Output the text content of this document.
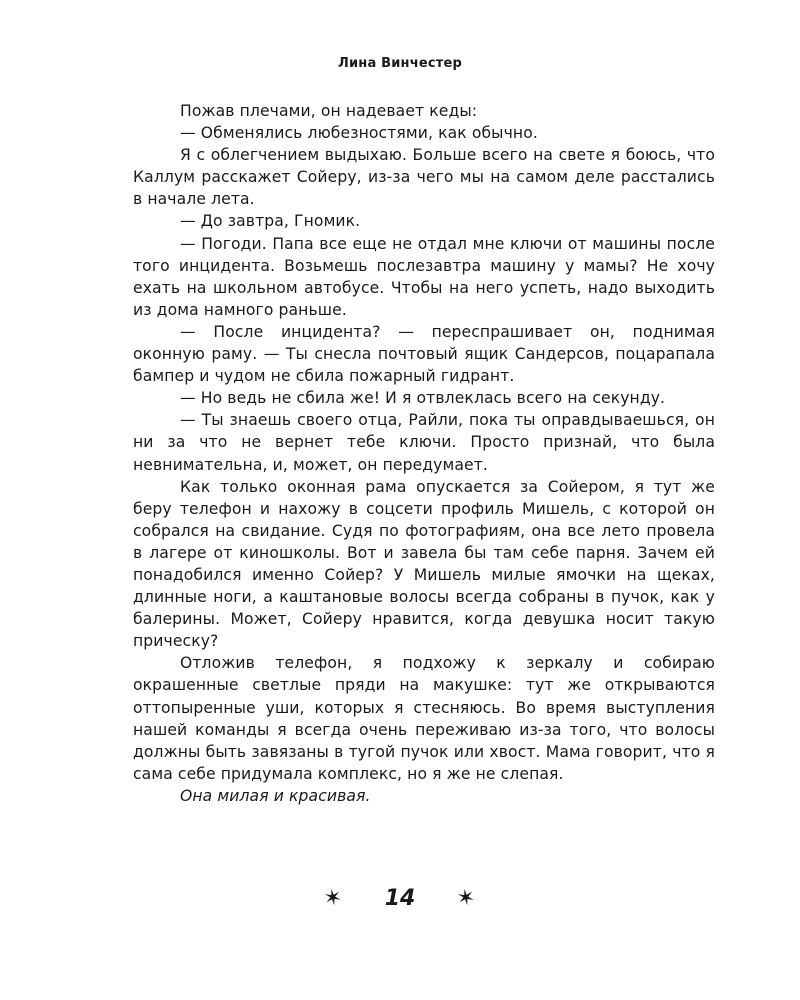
Лина Винчестер

Пожав плечами, он надевает кеды:

— Обменялись любезностями, как обычно.

Я с облегчением выдыхаю. Больше всего на свете я боюсь, что Каллум расскажет Сойеру, из-за чего мы на самом деле расстались в начале лета.

— До завтра, Гномик.

— Погоди. Папа все еще не отдал мне ключи от машины после того инцидента. Возьмешь послезавтра машину у мамы? Не хочу ехать на школьном автобусе. Чтобы на него успеть, надо выходить из дома намного раньше.

— После инцидента? — переспрашивает он, поднимая оконную раму. — Ты снесла почтовый ящик Сандерсов, поцарапала бампер и чудом не сбила пожарный гидрант.

— Но ведь не сбила же! И я отвлеклась всего на секунду.

— Ты знаешь своего отца, Райли, пока ты оправдываешься, он ни за что не вернет тебе ключи. Просто признай, что была невнимательна, и, может, он передумает.

Как только оконная рама опускается за Сойером, я тут же беру телефон и нахожу в соцсети профиль Мишель, с которой он собрался на свидание. Судя по фотографиям, она все лето провела в лагере от киношколы. Вот и завела бы там себе парня. Зачем ей понадобился именно Сойер? У Мишель милые ямочки на щеках, длинные ноги, а каштановые волосы всегда собраны в пучок, как у балерины. Может, Сойеру нравится, когда девушка носит такую прическу?

Отложив телефон, я подхожу к зеркалу и собираю окрашенные светлые пряди на макушке: тут же открываются оттопыренные уши, которых я стесняюсь. Во время выступления нашей команды я всегда очень переживаю из-за того, что волосы должны быть завязаны в тугой пучок или хвост. Мама говорит, что я сама себе придумала комплекс, но я же не слепая.

Она милая и красивая.

✶ 14 ✶
